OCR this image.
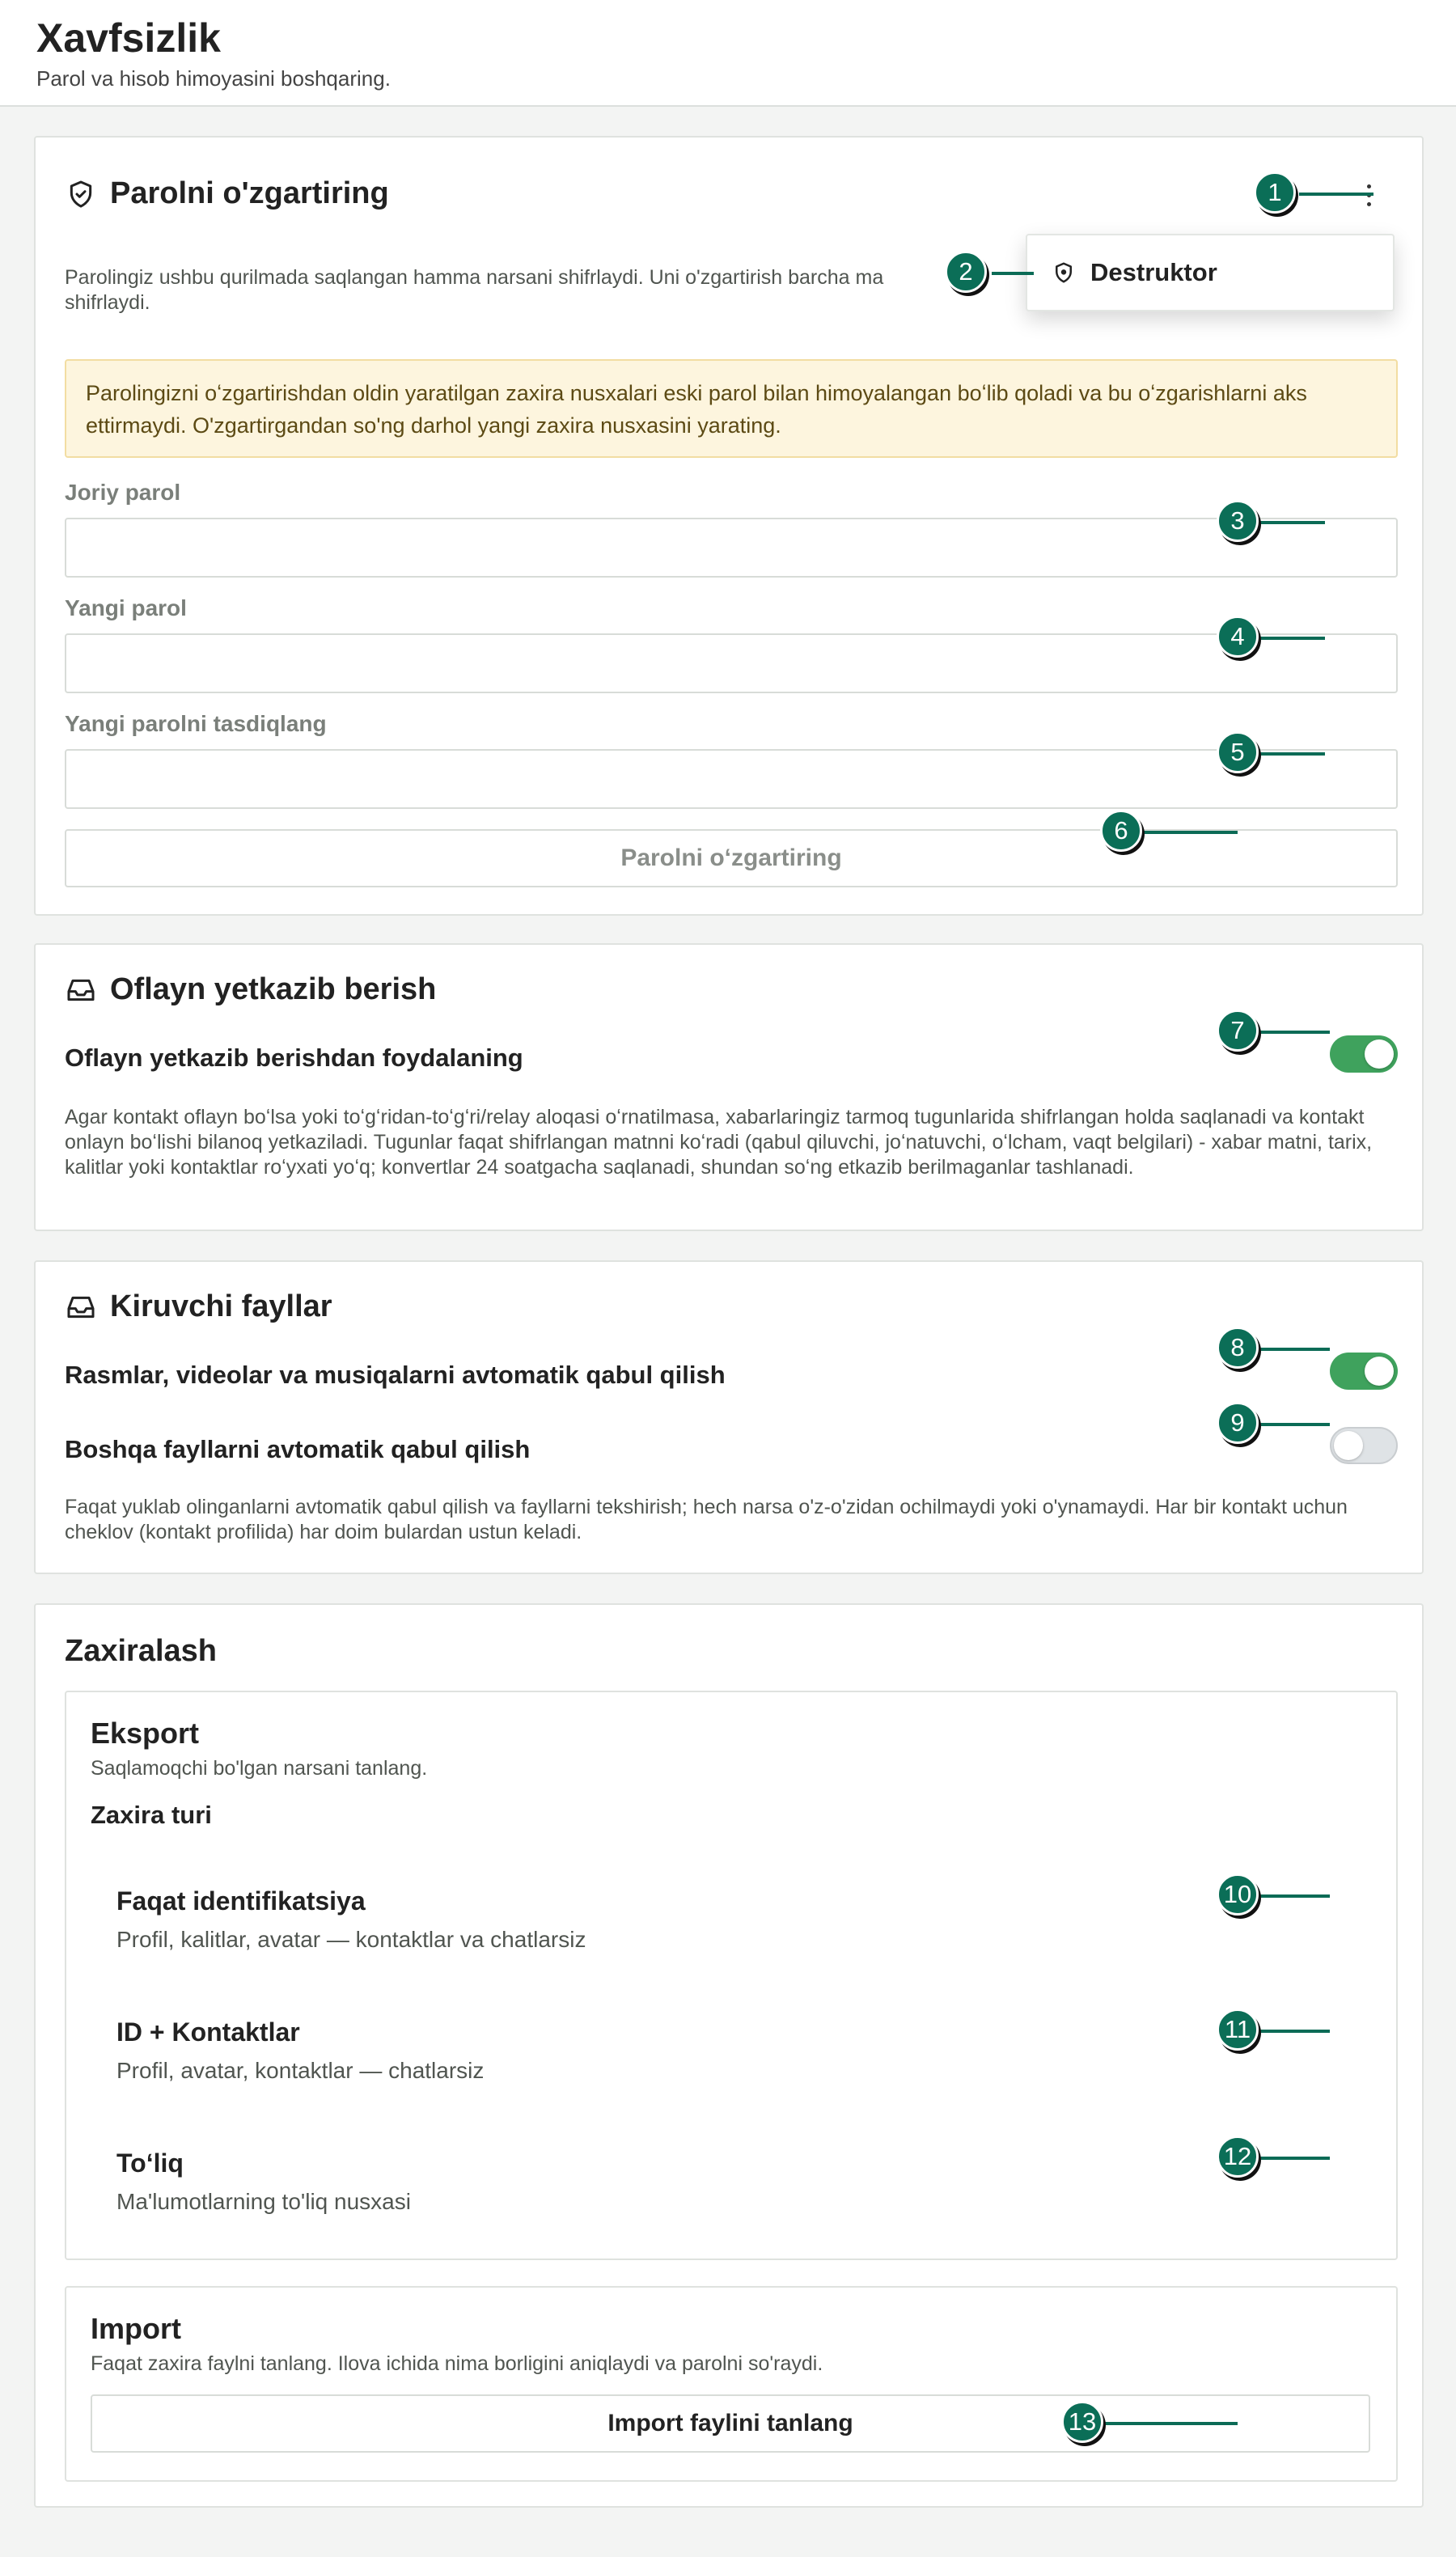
Xavfsizlik
Parol va hisob himoyasini boshqaring.
Parolni o'zgartiring
Parolingiz ushbu qurilmada saqlangan hamma narsani shifrlaydi. Uni o'zgartirish barcha ma
shifrlaydi.
Parolingizni oʻzgartirishdan oldin yaratilgan zaxira nusxalari eski parol bilan himoyalangan boʻlib qoladi va bu oʻzgarishlarni aks ettirmaydi. O'zgartirgandan so'ng darhol yangi zaxira nusxasini yarating.
Joriy parol
Yangi parol
Yangi parolni tasdiqlang
Parolni oʻzgartiring
Destruktor
Oflayn yetkazib berish
Oflayn yetkazib berishdan foydalaning
Agar kontakt oflayn boʻlsa yoki toʻgʻridan-toʻgʻri/relay aloqasi oʻrnatilmasa, xabarlaringiz tarmoq tugunlarida shifrlangan holda saqlanadi va kontakt onlayn boʻlishi bilanoq yetkaziladi. Tugunlar faqat shifrlangan matnni koʻradi (qabul qiluvchi, joʻnatuvchi, oʻlcham, vaqt belgilari) - xabar matni, tarix, kalitlar yoki kontaktlar roʻyxati yoʻq; konvertlar 24 soatgacha saqlanadi, shundan soʻng etkazib berilmaganlar tashlanadi.
Kiruvchi fayllar
Rasmlar, videolar va musiqalarni avtomatik qabul qilish
Boshqa fayllarni avtomatik qabul qilish
Faqat yuklab olinganlarni avtomatik qabul qilish va fayllarni tekshirish; hech narsa o'z-o'zidan ochilmaydi yoki o'ynamaydi. Har bir kontakt uchun cheklov (kontakt profilida) har doim bulardan ustun keladi.
Zaxiralash
Eksport
Saqlamoqchi bo'lgan narsani tanlang.
Zaxira turi
Faqat identifikatsiya
Profil, kalitlar, avatar — kontaktlar va chatlarsiz
ID + Kontaktlar
Profil, avatar, kontaktlar — chatlarsiz
Toʻliq
Ma'lumotlarning to'liq nusxasi
Import
Faqat zaxira faylni tanlang. Ilova ichida nima borligini aniqlaydi va parolni so'raydi.
Import faylini tanlang
1
2
3
4
5
6
7
8
9
10
11
12
13
